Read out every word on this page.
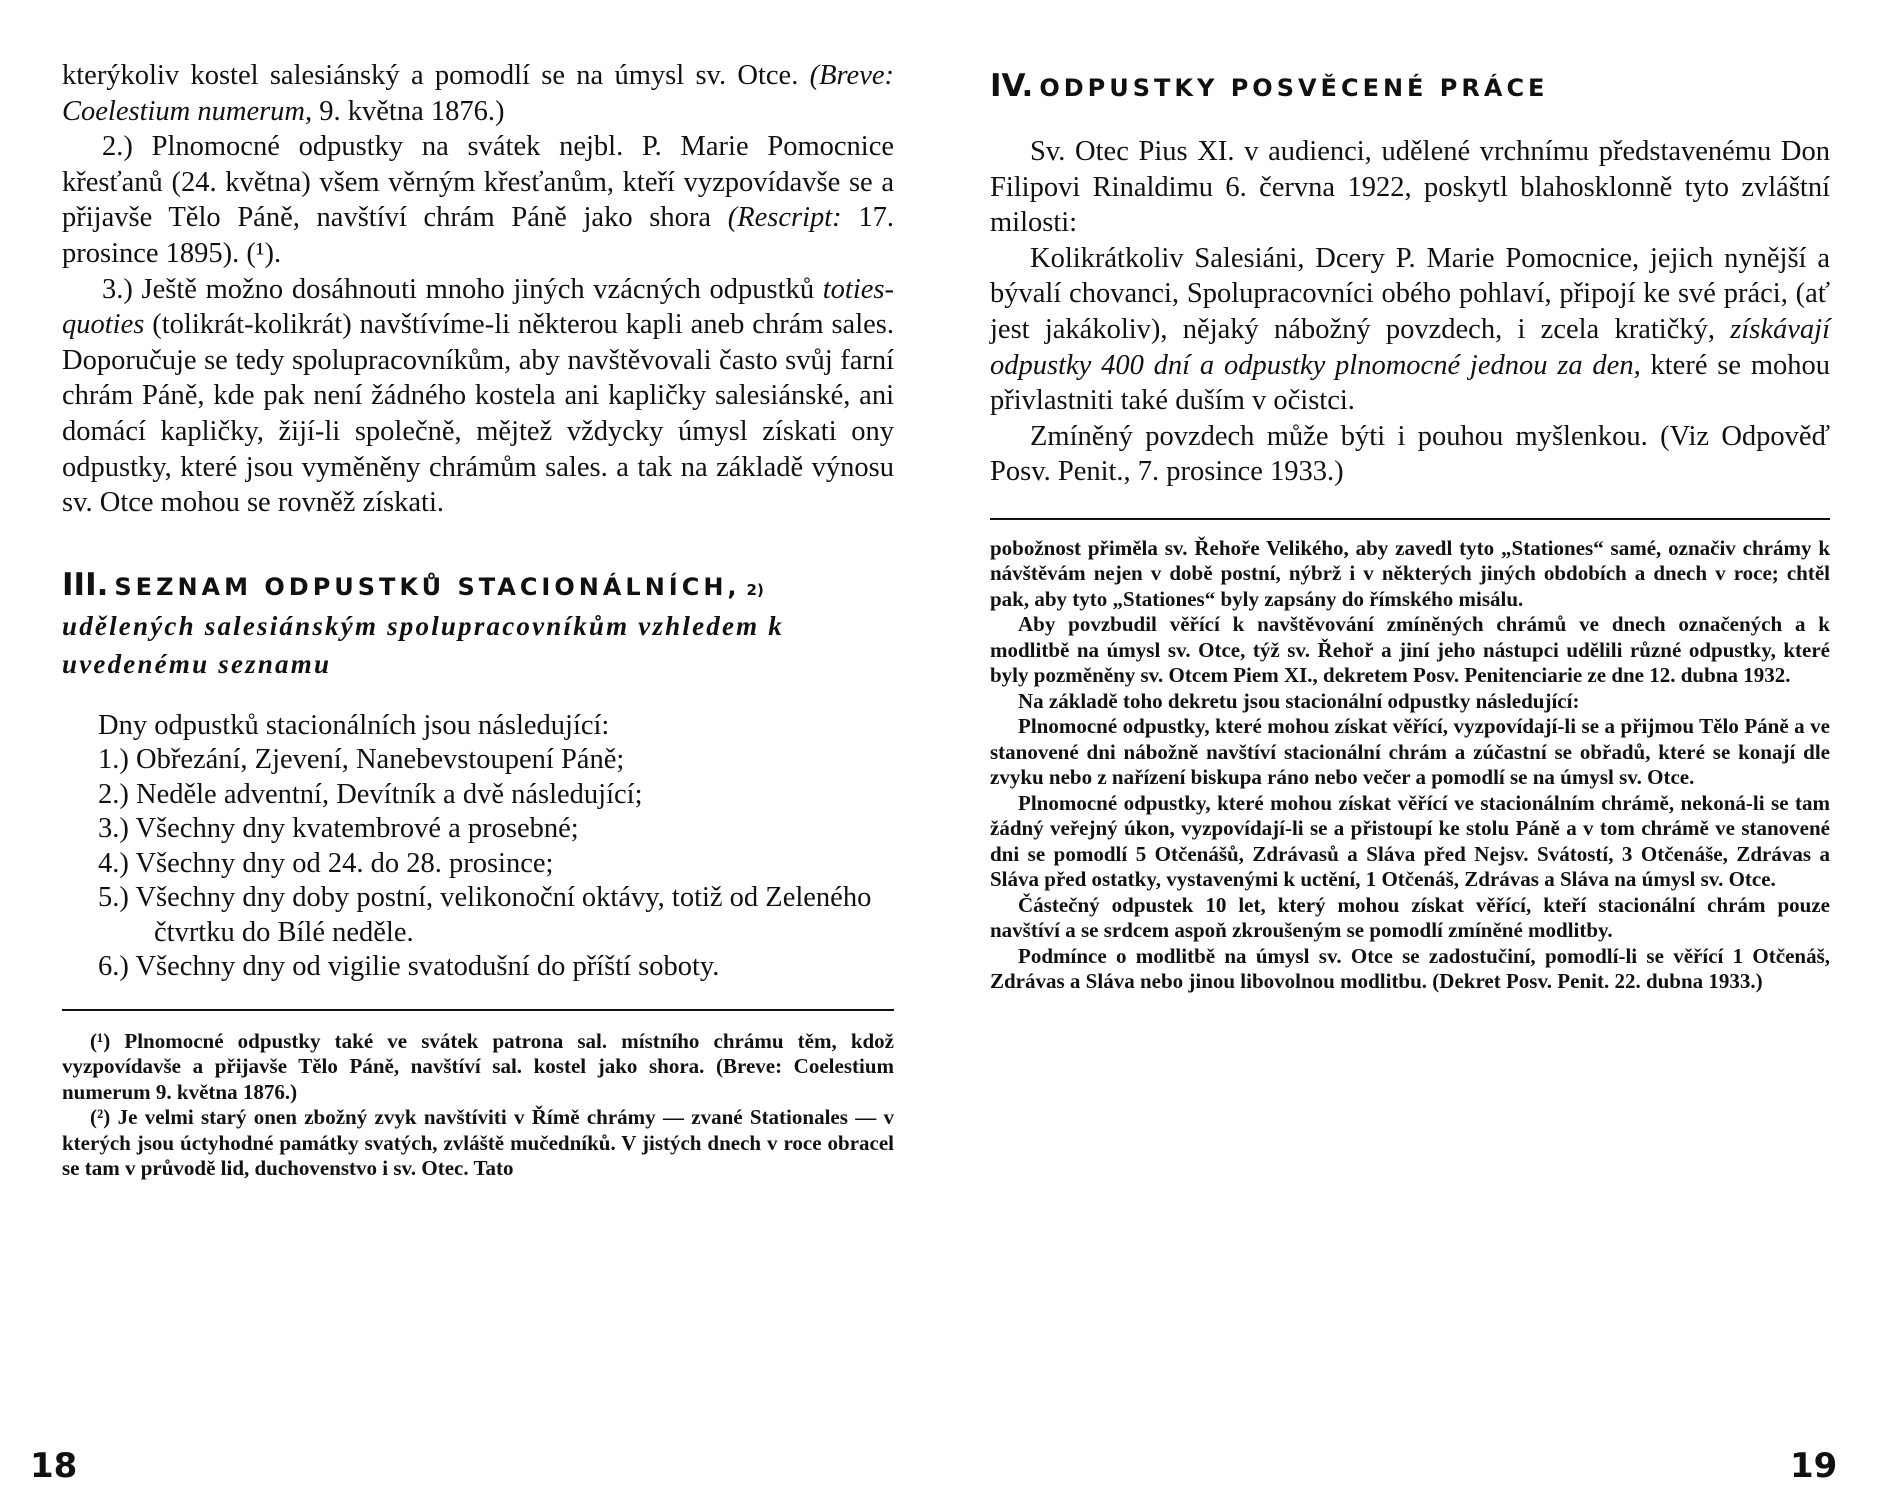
kterýkoliv kostel salesiánský a pomodlí se na úmysl sv. Otce. (Breve: Coelestium numerum, 9. května 1876.)

2.) Plnomocné odpustky na svátek nejbl. P. Marie Pomocnice křesťanů (24. května) všem věrným křesťanům, kteří vyzpovídavše se a přijavše Tělo Páně, navštíví chrám Páně jako shora (Rescript: 17. prosince 1895). (¹).

3.) Ještě možno dosáhnouti mnoho jiných vzácných odpustků toties-quoties (tolikrát-kolikrát) navštívíme-li některou kapli aneb chrám sales. Doporučuje se tedy spolupracovníkům, aby navštěvovali často svůj farní chrám Páně, kde pak není žádného kostela ani kapličky salesiánské, ani domácí kapličky, žijí-li společně, mějtež vždycky úmysl získati ony odpustky, které jsou vyměněny chrámům sales. a tak na základě výnosu sv. Otce mohou se rovněž získati.

III. SEZNAM ODPUSTKŮ STACIONÁLNÍCH, 2)

udělených salesiánským spolupracovníkům vzhledem k uvedenému seznamu

Dny odpustků stacionálních jsou následující:

1.) Obřezání, Zjevení, Nanebevstoupení Páně;
2.) Neděle adventní, Devítník a dvě následující;
3.) Všechny dny kvatembrové a prosebné;
4.) Všechny dny od 24. do 28. prosince;
5.) Všechny dny doby postní, velikonoční oktávy, totiž od Zeleného čtvrtku do Bílé neděle.
6.) Všechny dny od vigilie svatodušní do příští soboty.

(¹) Plnomocné odpustky také ve svátek patrona sal. místního chrámu těm, kdož vyzpovídavše a přijavše Tělo Páně, navštíví sal. kostel jako shora. (Breve: Coelestium numerum 9. května 1876.)

(²) Je velmi starý onen zbožný zvyk navštíviti v Římě chrámy — zvané Stationales — v kterých jsou úctyhodné památky svatých, zvláště mučedníků. V jistých dnech v roce obracel se tam v průvodě lid, duchovenstvo i sv. Otec. Tato

18
IV. ODPUSTKY POSVĚCENÉ PRÁCE

Sv. Otec Pius XI. v audienci, udělené vrchnímu představenému Don Filipovi Rinaldimu 6. června 1922, poskytl blahosklonně tyto zvláštní milosti:

Kolikrátkoliv Salesiáni, Dcery P. Marie Pomocnice, jejich nynější a bývalí chovanci, Spolupracovníci obého pohlaví, připojí ke své práci, (ať jest jakákoliv), nějaký nábožný povzdech, i zcela kratičký, získávají odpustky 400 dní a odpustky plnomocné jednou za den, které se mohou přivlastniti také duším v očistci.

Zmíněný povzdech může býti i pouhou myšlenkou. (Viz Odpověď Posv. Penit., 7. prosince 1933.)

pobožnost přiměla sv. Řehoře Velikého, aby zavedl tyto „Stationes“ samé, označiv chrámy k návštěvám nejen v době postní, nýbrž i v některých jiných obdobích a dnech v roce; chtěl pak, aby tyto „Stationes“ byly zapsány do římského misálu.

Aby povzbudil věřící k navštěvování zmíněných chrámů ve dnech označených a k modlitbě na úmysl sv. Otce, týž sv. Řehoř a jiní jeho nástupci udělili různé odpustky, které byly pozměněny sv. Otcem Piem XI., dekretem Posv. Penitenciarie ze dne 12. dubna 1932.

Na základě toho dekretu jsou stacionální odpustky následující:

Plnomocné odpustky, které mohou získat věřící, vyzpovídají-li se a přijmou Tělo Páně a ve stanovené dni nábožně navštíví stacionální chrám a zúčastní se obřadů, které se konají dle zvyku nebo z nařízení biskupa ráno nebo večer a pomodlí se na úmysl sv. Otce.

Plnomocné odpustky, které mohou získat věřící ve stacionálním chrámě, nekoná-li se tam žádný veřejný úkon, vyzpovídají-li se a přistoupí ke stolu Páně a v tom chrámě ve stanovené dni se pomodlí 5 Otčenášů, Zdrávasů a Sláva před Nejsv. Svátostí, 3 Otčenáše, Zdrávas a Sláva před ostatky, vystavenými k uctění, 1 Otčenáš, Zdrávas a Sláva na úmysl sv. Otce.

Částečný odpustek 10 let, který mohou získat věřící, kteří stacionální chrám pouze navštíví a se srdcem aspoň zkroušeným se pomodlí zmíněné modlitby.

Podmínce o modlitbě na úmysl sv. Otce se zadostučiní, pomodlí-li se věřící 1 Otčenáš, Zdrávas a Sláva nebo jinou libovolnou modlitbu. (Dekret Posv. Penit. 22. dubna 1933.)

19
